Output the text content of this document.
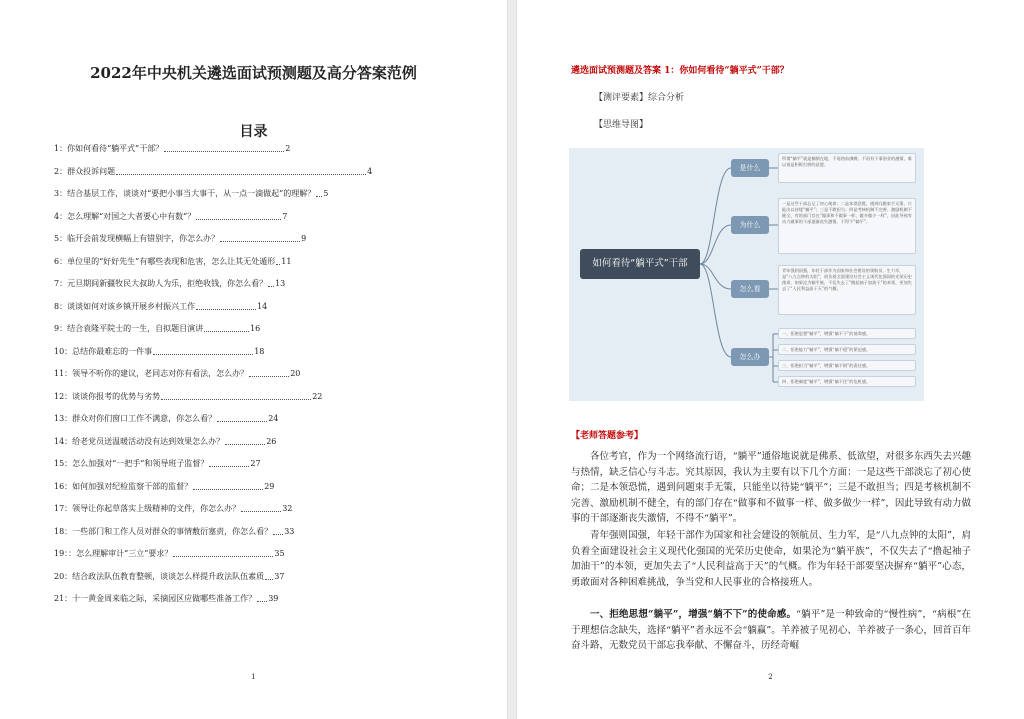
2022年中央机关遴选面试预测题及高分答案范例
目录
1：你如何看待“躺平式”干部？	2
2：群众投诉问题	4
3：结合基层工作，谈谈对“要把小事当大事干，从一点一滴做起”的理解？ 5
4：怎么理解“对国之大者要心中有数”？	7
5：临开会前发现横幅上有错别字，你怎么办？	9
6：单位里的“好好先生”有哪些表现和危害，怎么让其无处遁形 11
7：元旦期间新疆牧民大叔助人为乐，拒绝收钱，你怎么看？ 13
8：谈谈如何对该乡镇开展乡村振兴工作	14
9：结合袁隆平院士的一生，自拟题目演讲	16
10：总结你最难忘的一件事	18
11：领导不听你的建议，老同志对你有看法，怎么办？	20
12：谈谈你报考的优势与劣势	22
13：群众对你们窗口工作不满意，你怎么看？	24
14：给老党员送温暖活动没有达到效果怎么办？	26
15：怎么加强对“一把手”和领导班子监督？	27
16：如何加强对纪检监察干部的监督？	29
17：领导让你起草落实上级精神的文件，你怎么办？	32
18：一些部门和工作人员对群众的事情敷衍塞责，你怎么看？ 33
19：：怎么理解审计“三立”要求？	35
20：结合政法队伍教育整顿，谈谈怎么样提升政法队伍素质 37
21：十一黄金周来临之际，采摘园区应做哪些准备工作？ 39
1
遴选面试预测题及答案 1：你如何看待“躺平式”干部？
【测评要素】综合分析
【思维导图】
如何看待“躺平式”干部
是什么
所谓“躺平”就是躺倒在地，不再热血沸腾、不再有干事创业的激情，难以说是积极打拼的意愿。
为什么
一是这些干部忘记了初心使命；二是本领恐慌，遇到问题束手无策，只能出以待毙“躺平”；三是不敢担当；四是考核机制不完善、激励机制不健全，有的部门存在“做事和不做事一样、做多做少一样”，因此导致有动力做事的干部逐渐丧失激情，不得不“躺平”。
怎么看
青年强则国强，年轻干部作为国家和社会建设的领航员、生力军，是“八九点钟的太阳”，肩负着全面建设社会主义现代化强国的光荣历史使命，如果沦为躺平族，不仅失去了“撸起袖子加油干”的本领，更加失去了“人民利益高于天”的气概。
怎么办
一、拒绝思想“躺平”，增强“躺不下”的使命感。
二、拒绝能力“躺平”，增强“躺不稳”的紧迫感。
三、拒绝担当“躺平”，增强“躺不倒”的责任感。
四、拒绝制度“躺平”，增强“躺不住”的危机感。
【老师答题参考】
各位考官，作为一个网络流行语，“躺平”通俗地说就是佛系、低欲望，对很多东西失去兴趣与热情，缺乏信心与斗志。究其原因，我认为主要有以下几个方面：一是这些干部淡忘了初心使命；二是本领恐慌，遇到问题束手无策，只能坐以待毙“躺平”；三是不敢担当；四是考核机制不完善、激励机制不健全，有的部门存在“做事和不做事一样、做多做少一样”，因此导致有动力做事的干部逐渐丧失激情，不得不“躺平”。
青年强则国强，年轻干部作为国家和社会建设的领航员、生力军，是“八九点钟的太阳”，肩负着全面建设社会主义现代化强国的光荣历史使命，如果沦为“躺平族”，不仅失去了“撸起袖子加油干”的本领，更加失去了“人民利益高于天”的气概。作为年轻干部要坚决摒弃“躺平”心态，勇敢面对各种困难挑战，争当党和人民事业的合格接班人。
一、拒绝思想“躺平”，增强“躺不下”的使命感。“躺平”是一种致命的“慢性病”，“病根”在于理想信念缺失，选择“躺平”者永远不会“躺赢”。羊养被子见初心、羊养被子一条心，回首百年奋斗路，无数党员干部忘我奉献、不懈奋斗，历经奇崛
2
